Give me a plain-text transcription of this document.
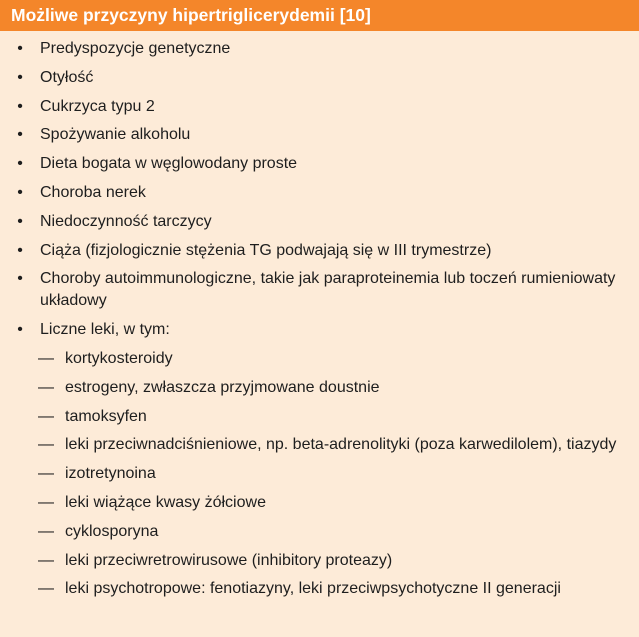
Możliwe przyczyny hipertriglicerydemii [10]
• Predyspozycje genetyczne
• Otyłość
• Cukrzyca typu 2
• Spożywanie alkoholu
• Dieta bogata w węglowodany proste
• Choroba nerek
• Niedoczynność tarczycy
• Ciąża (fizjologicznie stężenia TG podwajają się w III trymestrze)
• Choroby autoimmunologiczne, takie jak paraproteinemia lub toczeń rumieniowaty układowy
• Liczne leki, w tym:
— kortykosteroidy
— estrogeny, zwłaszcza przyjmowane doustnie
— tamoksyfen
— leki przeciwnadciśnieniowe, np. beta-adrenolityki (poza karwedilolem), tiazydy
— izotretynoina
— leki wiążące kwasy żółciowe
— cyklosporyna
— leki przeciwretrowirusowe (inhibitory proteazy)
— leki psychotropowe: fenotiazyny, leki przeciwpsychotyczne II generacji
